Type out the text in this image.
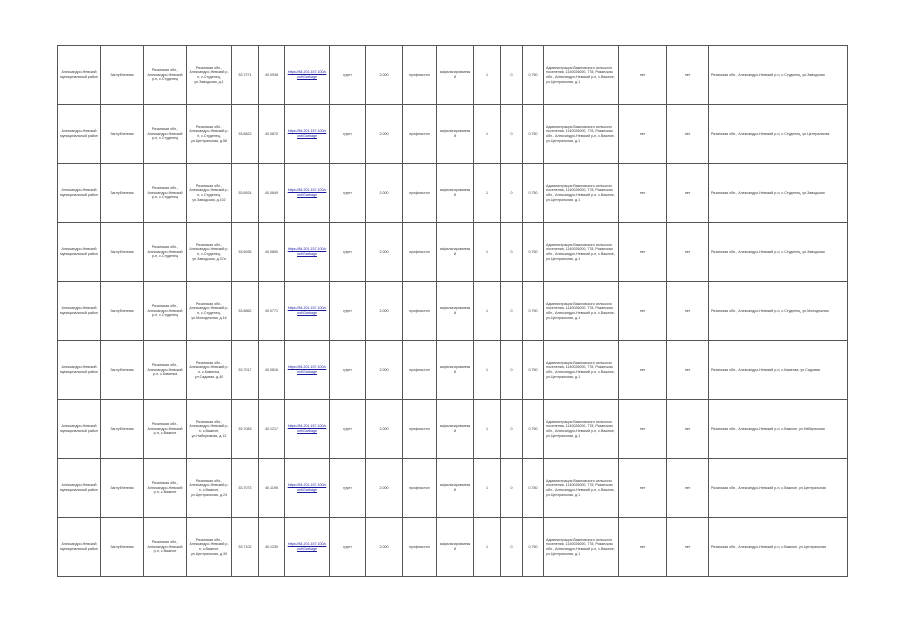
Александро-Невский муниципальный район	Заглубленная	Рязанская обл., Александро-Невский р-н, с.Студенец	Рязанская обл., Александро-Невский р-н, с.Студенец, ул.Заводская, д.1	53.7271	40.0938	https://84.201.157.100/cont/Garbage	грунт	2.000	профнастил	асфальтированный	1	0	0.750	Администрация Важновского сельского поселения, 1140026000, 778, Рязанская обл., Александро-Невский р-н, с.Важное, ул.Центральная, д.1	нет	нет	Рязанская обл., Александро-Невский р-н, с.Студенец, ул.Заводская
Александро-Невский муниципальный район	Заглубленная	Рязанская обл., Александро-Невский р-н, с.Студенец	Рязанская обл., Александро-Невский р-н, с.Студенец, ул.Центральная, д.58	53.6822	40.0870	https://84.201.157.100/cont/Garbage	грунт	2.000	профнастил	асфальтированный	1	0	0.750	Администрация Важновского сельского поселения, 1140026000, 778, Рязанская обл., Александро-Невский р-н, с.Важное, ул.Центральная, д.1	нет	нет	Рязанская обл., Александро-Невский р-н, с.Студенец, ул.Центральная
Александро-Невский муниципальный район	Заглубленная	Рязанская обл., Александро-Невский р-н, с.Студенец	Рязанская обл., Александро-Невский р-н, с.Студенец, ул.Заводская, д.102	53.6924	40.0849	https://84.201.157.100/cont/Garbage	грунт	2.000	профнастил	асфальтированный	1	0	0.750	Администрация Важновского сельского поселения, 1140026000, 778, Рязанская обл., Александро-Невский р-н, с.Важное, ул.Центральная, д.1	нет	нет	Рязанская обл., Александро-Невский р-н, с.Студенец, ул.Заводская
Александро-Невский муниципальный район	Заглубленная	Рязанская обл., Александро-Невский р-н, с.Студенец	Рязанская обл., Александро-Невский р-н, с.Студенец, ул.Заводская, д.37а	53.6935	40.0850	https://84.201.157.100/cont/Garbage	грунт	2.000	профнастил	асфальтированный	1	0	0.750	Администрация Важновского сельского поселения, 1140026000, 778, Рязанская обл., Александро-Невский р-н, с.Важное, ул.Центральная, д.1	нет	нет	Рязанская обл., Александро-Невский р-н, с.Студенец, ул.Заводская
Александро-Невский муниципальный район	Заглубленная	Рязанская обл., Александро-Невский р-н, с.Студенец	Рязанская обл., Александро-Невский р-н, с.Студенец, ул.Молодежная, д.16	53.6862	40.0771	https://84.201.157.100/cont/Garbage	грунт	2.000	профнастил	асфальтированный	1	0	0.750	Администрация Важновского сельского поселения, 1140026000, 778, Рязанская обл., Александро-Невский р-н, с.Важное, ул.Центральная, д.1	нет	нет	Рязанская обл., Александро-Невский р-н, с.Студенец, ул.Молодежная
Александро-Невский муниципальный район	Заглубленная	Рязанская обл., Александро-Невский р-н, с.Каменка	Рязанская обл., Александро-Невский р-н, с.Каменка, ул.Садовая, д.40	53.7017	40.0816	https://84.201.157.100/cont/Garbage	грунт	2.000	профнастил	асфальтированный	1	0	0.750	Администрация Важновского сельского поселения, 1140026000, 778, Рязанская обл., Александро-Невский р-н, с.Важное, ул.Центральная, д.1	нет	нет	Рязанская обл., Александро-Невский р-н, с.Каменка, ул.Садовая
Александро-Невский муниципальный район	Заглубленная	Рязанская обл., Александро-Невский р-н, с.Важное	Рязанская обл., Александро-Невский р-н, с.Важное, ул.Набережная, д.12	53.7083	40.1217	https://84.201.157.100/cont/Garbage	грунт	2.000	профнастил	асфальтированный	1	0	0.750	Администрация Важновского сельского поселения, 1140026000, 778, Рязанская обл., Александро-Невский р-н, с.Важное, ул.Центральная, д.1	нет	нет	Рязанская обл., Александро-Невский р-н, с.Важное, ул.Набережная
Александро-Невский муниципальный район	Заглубленная	Рязанская обл., Александро-Невский р-н, с.Важное	Рязанская обл., Александро-Невский р-н, с.Важное, ул.Центральная, д.24	53.7073	40.1195	https://84.201.157.100/cont/Garbage	грунт	2.000	профнастил	асфальтированный	1	0	0.750	Администрация Важновского сельского поселения, 1140026000, 778, Рязанская обл., Александро-Невский р-н, с.Важное, ул.Центральная, д.1	нет	нет	Рязанская обл., Александро-Невский р-н, с.Важное, ул.Центральная
Александро-Невский муниципальный район	Заглубленная	Рязанская обл., Александро-Невский р-н, с.Важное	Рязанская обл., Александро-Невский р-н, с.Важное, ул.Центральная, д.39	53.7102	40.1230	https://84.201.157.100/cont/Garbage	грунт	2.000	профнастил	асфальтированный	1	0	0.750	Администрация Важновского сельского поселения, 1140026000, 778, Рязанская обл., Александро-Невский р-н, с.Важное, ул.Центральная, д.1	нет	нет	Рязанская обл., Александро-Невский р-н, с.Важное, ул.Центральная
